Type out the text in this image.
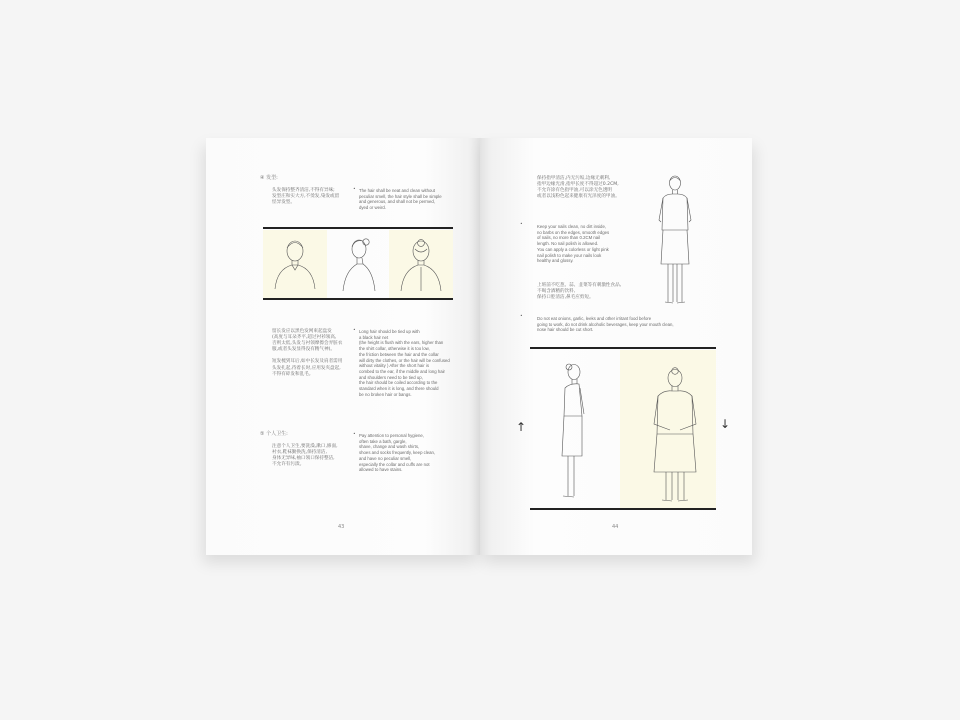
④ 发型:
头发保持整齐清洁,不得有异味;
发型庄和实大方,不烫发,染发或留
怪异发型。
• The hair shall be neat and clean without
peculiar smell, the hair style shall be simple
and generous, and shall not be permed,
dyed or weird.
留长发应以黑色发网束起盘发
(高度与耳朵齐平,超过衬衫领高,
否则太低,头发与衬领摩擦会弄脏衣
服,或者头发显得没有精气神)。

短发梳到耳后,如中长发及肩者需用
头发扎起,待着长时,应用发夹盘起,
不得有碎发和乱毛。
• Long hair should be tied up with
a black hair net
(the height is flush with the ears, higher than
the shirt collar, otherwise it is too low,
the friction between the hair and the collar
will dirty the clothes, or the hair will be confused
without vitality ) After the short hair is
combed to the ear, if the middle and long hair
and shoulders need to be tied up,
the hair should be coiled according to the
standard when it is long, and there should
be no broken hair or bangs.
⑤ 个人卫生:
注意个人卫生,要洗澡,漱口,修面,
衬衣,鞋袜勤换洗,保持清洁,
身体无异味,袖口领口保持整洁,
不允许有污渍。
• Pay attention to personal hygiene,
often take a bath, gargle,
shave, change and wash shirts,
shoes and socks frequently, keep clean,
and have no peculiar smell,
especially the collar and cuffs are not
allowed to have stains.
43
保持指甲清洁,内无污垢,边缘无刺利,
指甲边缘光滑,指甲长度不得超过0.2CM,
不允许涂有色指甲油,可以涂无色透明
或者以浅粉色起来健康有光泽度的甲油。
•	Keep your nails clean, no dirt inside,
no barbs on the edges, smooth edges
of nails, no more than 0.2CM nail
length. No nail polish is allowed.
You can apply a colorless or light pink
nail polish to make your nails look
healthy and glossy.
上班前不吃葱、蒜、韭菜等有刺激性食品,
不喝含酒精的饮料,
保持口腔清洁,鼻毛应剪短。
•	Do not eat onions, garlic, leeks and other irritant food before
going to work, do not drink alcoholic beverages, keep your mouth clean,
nose hair should be cut short.
↑	↓
44
